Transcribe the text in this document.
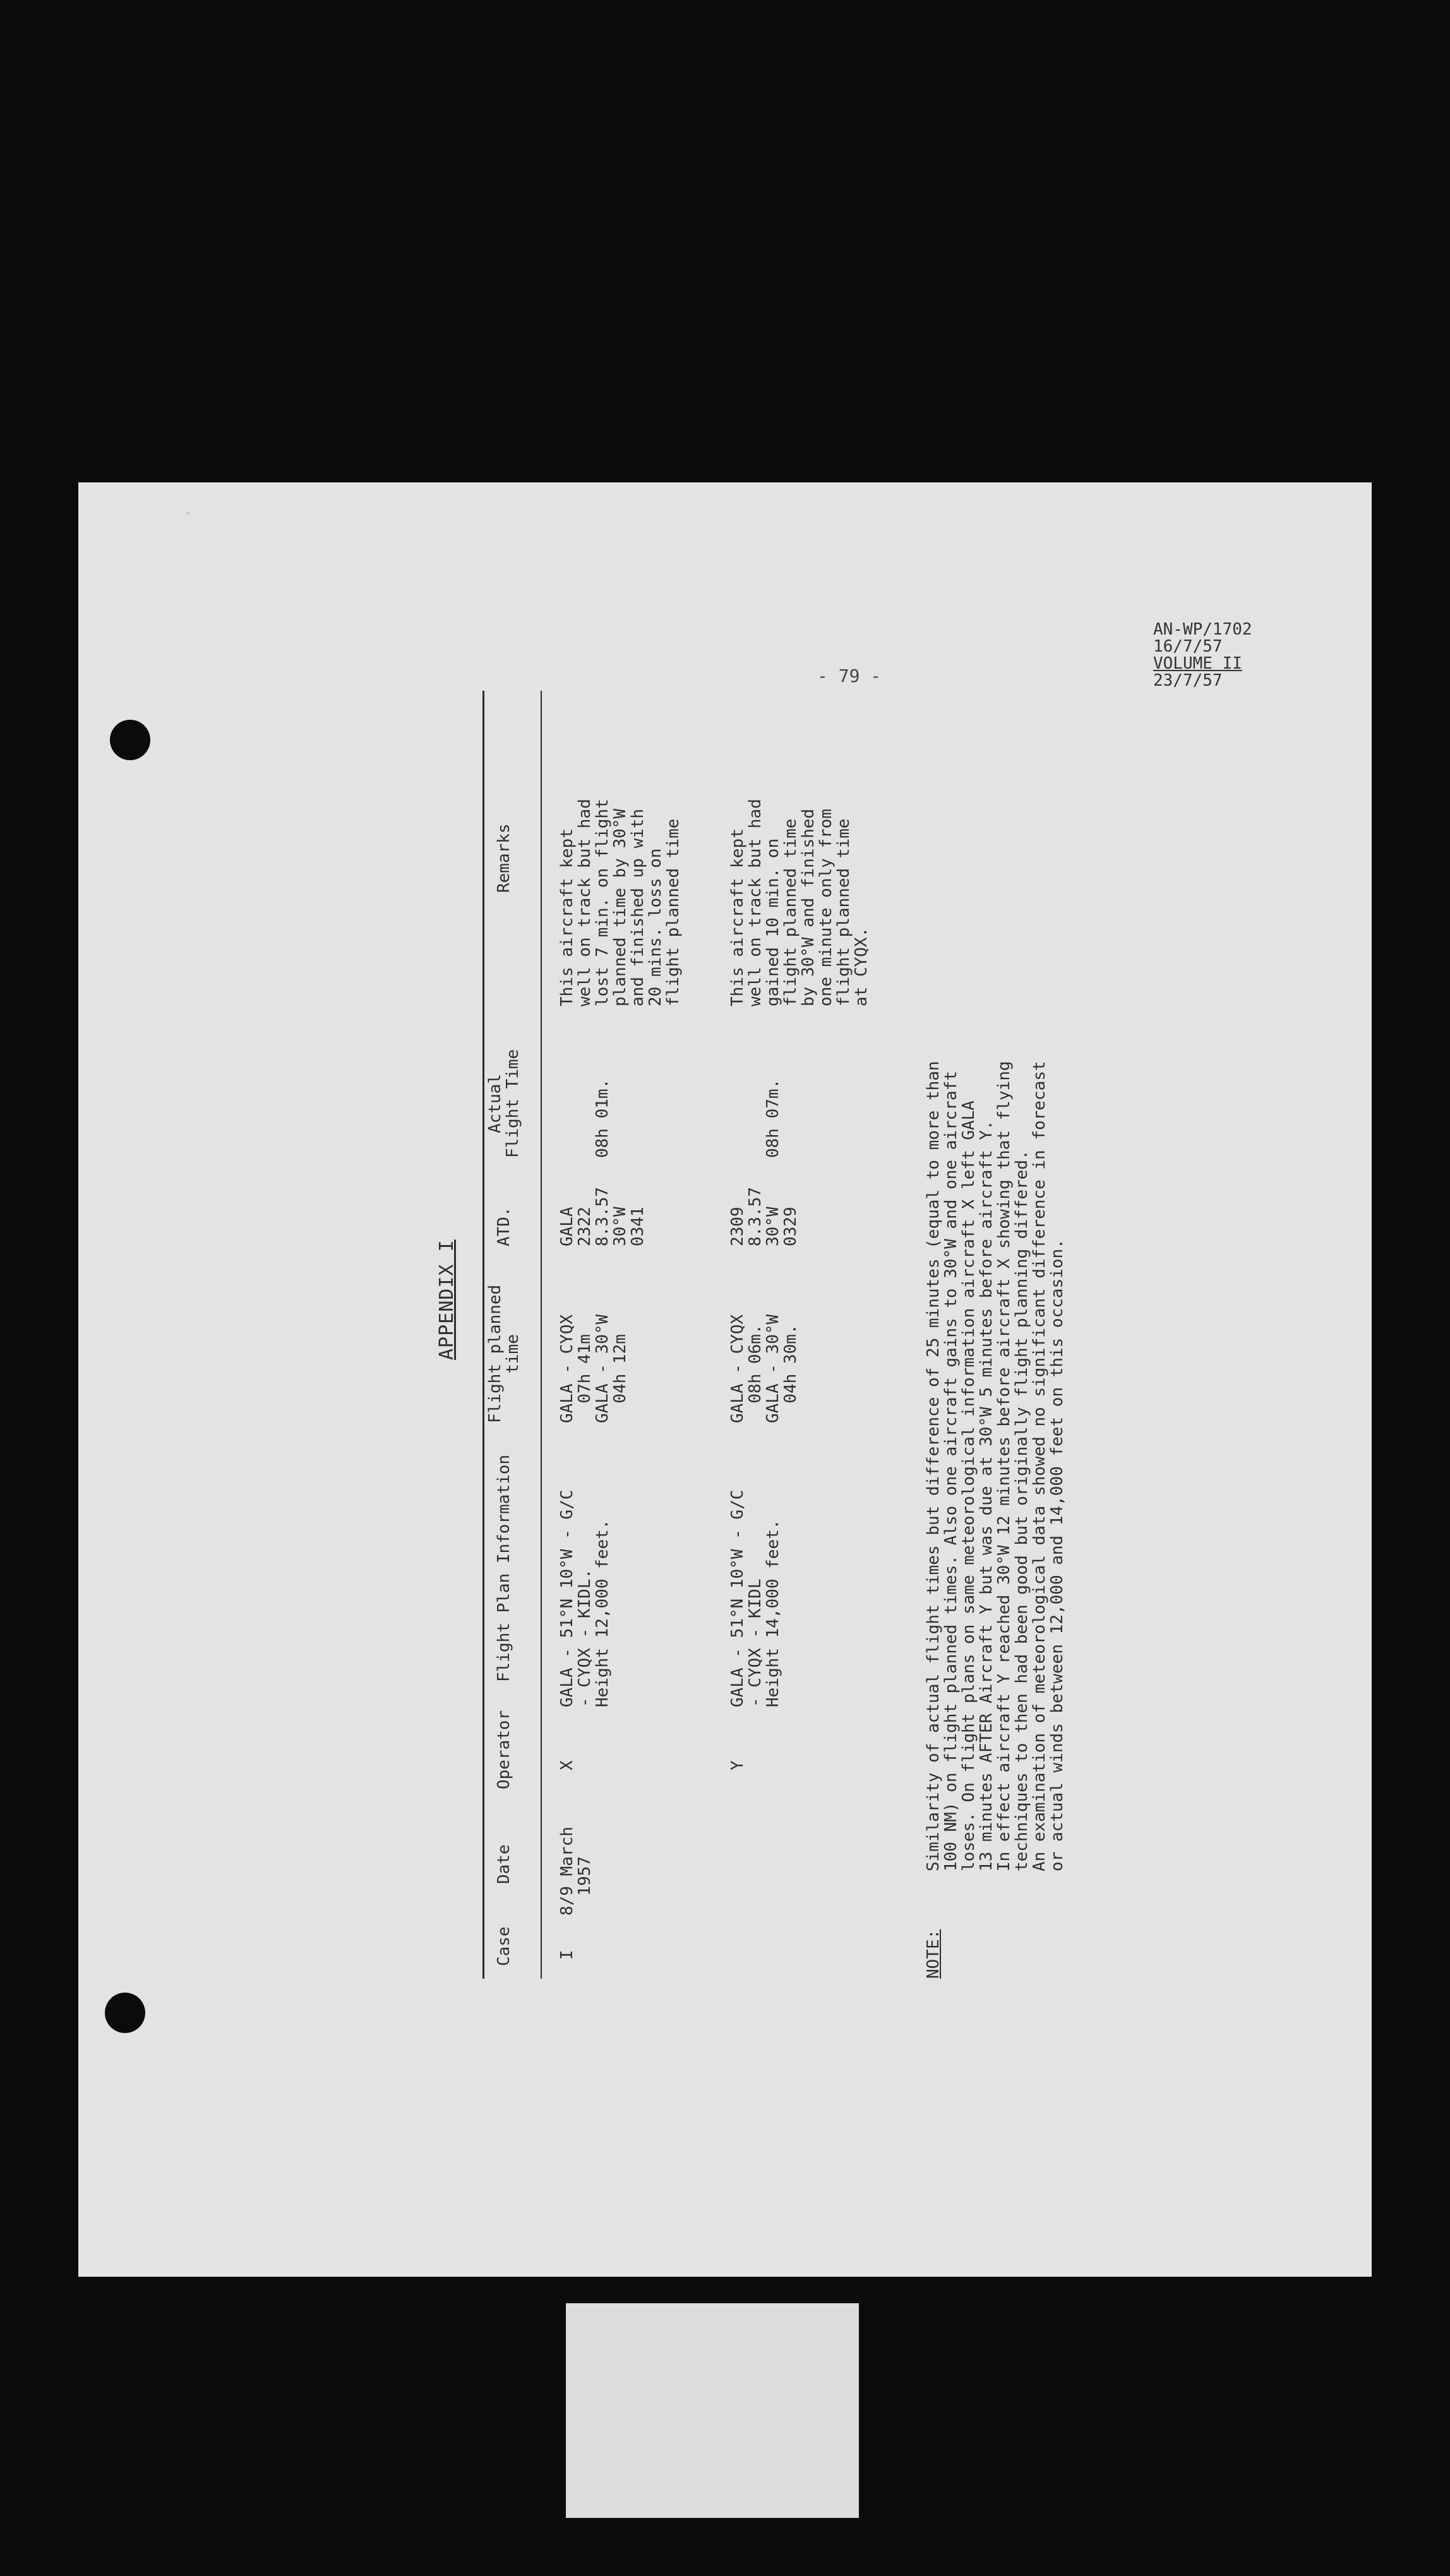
AN-WP/1702
16/7/57
VOLUME II
23/7/57
- 79 -
APPENDIX I
Case
Date
Operator
Flight Plan Information
Flight planned
time
ATD.
Actual
Flight Time
Remarks
I
8/9 March
1957
X
GALA - 51°N 10°W - G/C
- CYQX - KIDL.
Height 12,000 feet.
GALA - CYQX
07h 41m
GALA - 30°W
04h 12m
GALA
2322
8.3.57
30°W
0341
08h 01m.
This aircraft kept
well on track but had
lost 7 min. on flight
planned time by 30°W
and finished up with
20 mins. loss on
flight planned time
Y
GALA - 51°N 10°W - G/C
- CYQX - KIDL
Height 14,000 feet.
GALA - CYQX
08h 06m.
GALA - 30°W
04h 30m.
2309
8.3.57
30°W
0329
08h 07m.
This aircraft kept
well on track but had
gained 10 min. on
flight planned time
by 30°W and finished
one minute only from
flight planned time
at CYQX.
NOTE:
Similarity of actual flight times but difference of 25 minutes (equal to more than
100 NM) on flight planned times. Also one aircraft gains to 30°W and one aircraft
loses. On flight plans on same meteorological information aircraft X left GALA
13 minutes AFTER Aircraft Y but was due at 30°W 5 minutes before aircraft Y.
In effect aircraft Y reached 30°W 12 minutes before aircraft X showing that flying
techniques to then had been good but originally flight planning differed.
An examination of meteorological data showed no significant difference in forecast
or actual winds between 12,000 and 14,000 feet on this occasion.
